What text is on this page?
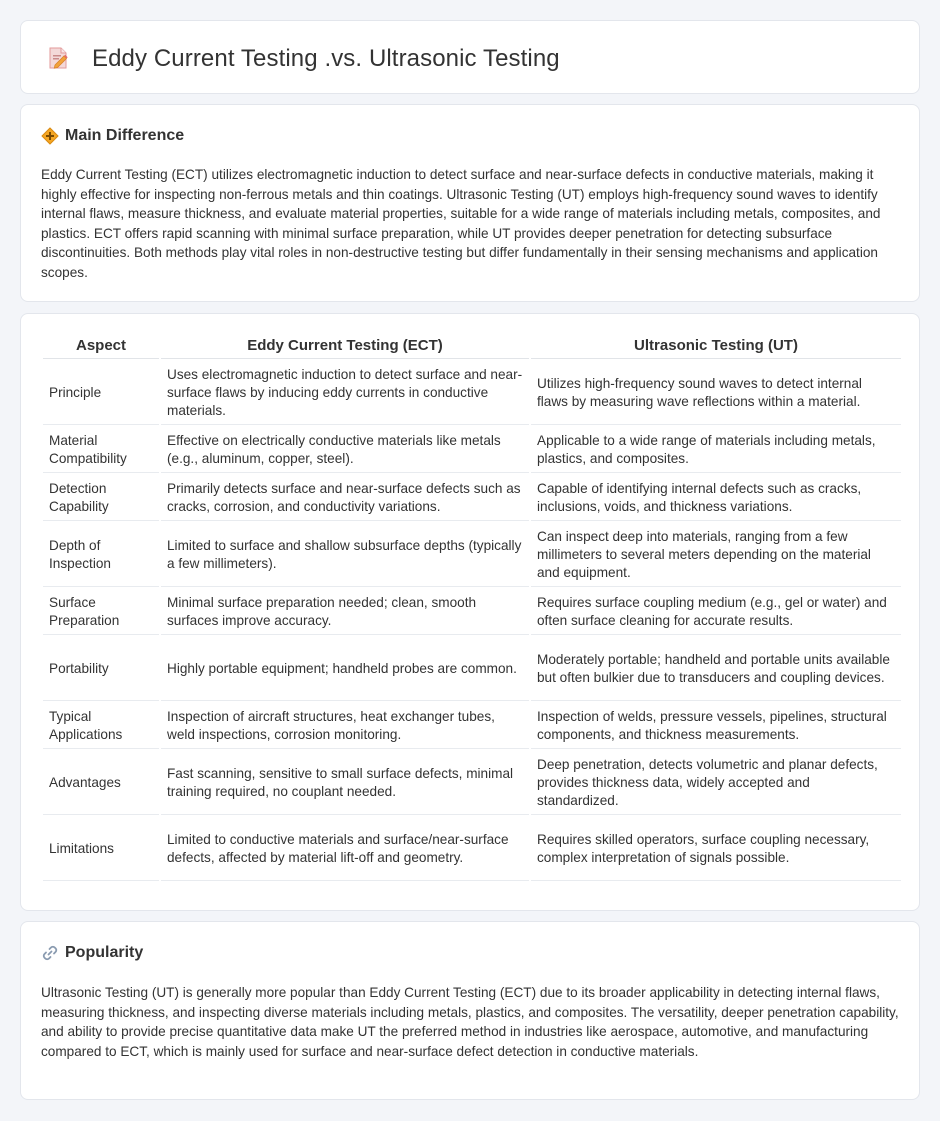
Eddy Current Testing .vs. Ultrasonic Testing
Main Difference

Eddy Current Testing (ECT) utilizes electromagnetic induction to detect surface and near-surface defects in conductive materials, making it highly effective for inspecting non-ferrous metals and thin coatings. Ultrasonic Testing (UT) employs high-frequency sound waves to identify internal flaws, measure thickness, and evaluate material properties, suitable for a wide range of materials including metals, composites, and plastics. ECT offers rapid scanning with minimal surface preparation, while UT provides deeper penetration for detecting subsurface discontinuities. Both methods play vital roles in non-destructive testing but differ fundamentally in their sensing mechanisms and application scopes.

Aspect	Eddy Current Testing (ECT)	Ultrasonic Testing (UT)
Principle	Uses electromagnetic induction to detect surface and near-surface flaws by inducing eddy currents in conductive materials.	Utilizes high-frequency sound waves to detect internal flaws by measuring wave reflections within a material.
Material Compatibility	Effective on electrically conductive materials like metals (e.g., aluminum, copper, steel).	Applicable to a wide range of materials including metals, plastics, and composites.
Detection Capability	Primarily detects surface and near-surface defects such as cracks, corrosion, and conductivity variations.	Capable of identifying internal defects such as cracks, inclusions, voids, and thickness variations.
Depth of Inspection	Limited to surface and shallow subsurface depths (typically a few millimeters).	Can inspect deep into materials, ranging from a few millimeters to several meters depending on the material and equipment.
Surface Preparation	Minimal surface preparation needed; clean, smooth surfaces improve accuracy.	Requires surface coupling medium (e.g., gel or water) and often surface cleaning for accurate results.
Portability	Highly portable equipment; handheld probes are common.	Moderately portable; handheld and portable units available but often bulkier due to transducers and coupling devices.
Typical Applications	Inspection of aircraft structures, heat exchanger tubes, weld inspections, corrosion monitoring.	Inspection of welds, pressure vessels, pipelines, structural components, and thickness measurements.
Advantages	Fast scanning, sensitive to small surface defects, minimal training required, no couplant needed.	Deep penetration, detects volumetric and planar defects, provides thickness data, widely accepted and standardized.
Limitations	Limited to conductive materials and surface/near-surface defects, affected by material lift-off and geometry.	Requires skilled operators, surface coupling necessary, complex interpretation of signals possible.
Popularity

Ultrasonic Testing (UT) is generally more popular than Eddy Current Testing (ECT) due to its broader applicability in detecting internal flaws, measuring thickness, and inspecting diverse materials including metals, plastics, and composites. The versatility, deeper penetration capability, and ability to provide precise quantitative data make UT the preferred method in industries like aerospace, automotive, and manufacturing compared to ECT, which is mainly used for surface and near-surface defect detection in conductive materials.
